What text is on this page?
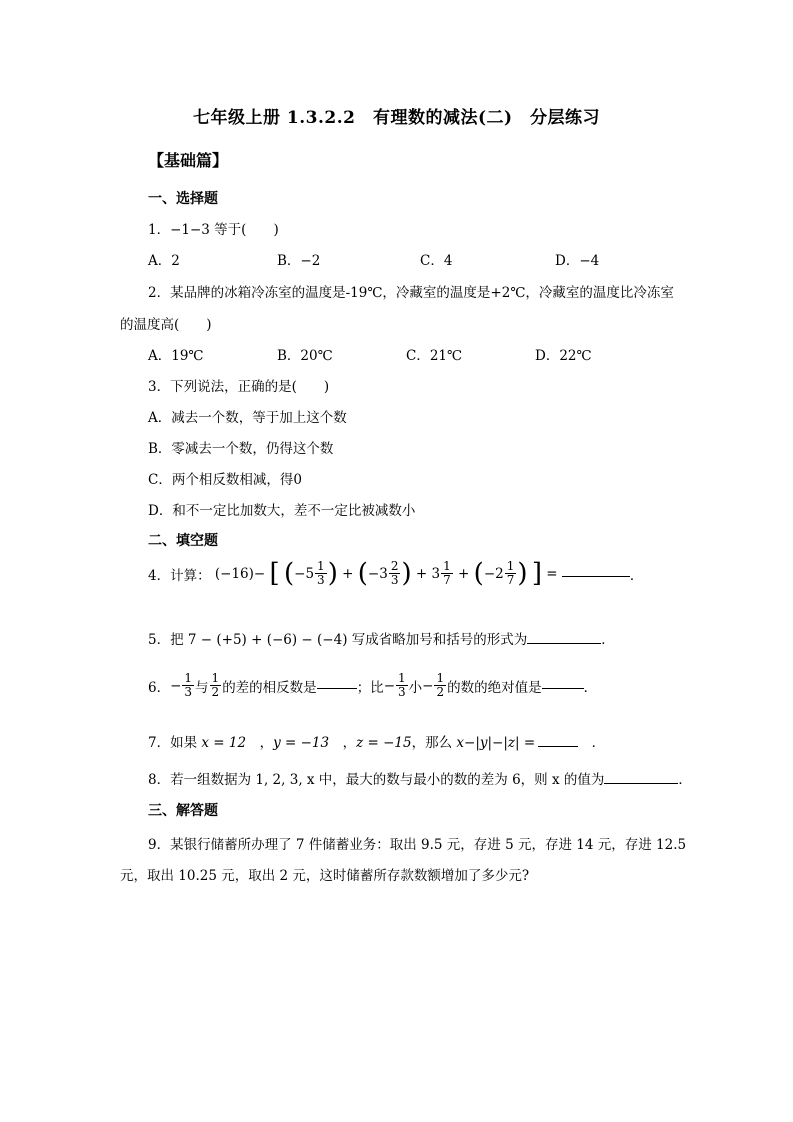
七年级上册 1.3.2.2　有理数的减法(二)　分层练习
【基础篇】
一、选择题
1．−1−3 等于(　　)
A．2	B．−2	C．4	D．−4
2．某品牌的冰箱冷冻室的温度是-19℃，冷藏室的温度是+2℃，冷藏室的温度比冷冻室
的温度高(　　)
A．19℃	B．20℃	C．21℃	D．22℃
3．下列说法，正确的是(　　)
A．减去一个数，等于加上这个数
B．零减去一个数，仍得这个数
C．两个相反数相减，得0
D．和不一定比加数大，差不一定比被减数小
二、填空题
4．计算： (−16)− [ ($-5 \frac{1}{3}$ ) + ($-3 \frac{2}{3}$ ) + $3 \frac{1}{7} + (-2 \frac{1}{7}$ ) ] =	．
5．把 7 − (+5) + (−6) − (−4) 写成省略加号和括号的形式为	．
6．− $\frac{1}{3}$ 与 $\frac{1}{2}$ 的差的相反数是	；比− $\frac{1}{3}$ 小− $\frac{1}{2}$ 的数的绝对值是	．
7．如果 x = 12　，y = −13　，z = −15，那么 x−|y|−|z| =	　．
8．若一组数据为 1, 2, 3, x 中，最大的数与最小的数的差为 6，则 x 的值为	．
三、解答题
9．某银行储蓄所办理了 7 件储蓄业务：取出 9.5 元，存进 5 元，存进 14 元，存进 12.5
元，取出 10.25 元，取出 2 元，这时储蓄所存款数额增加了多少元?
